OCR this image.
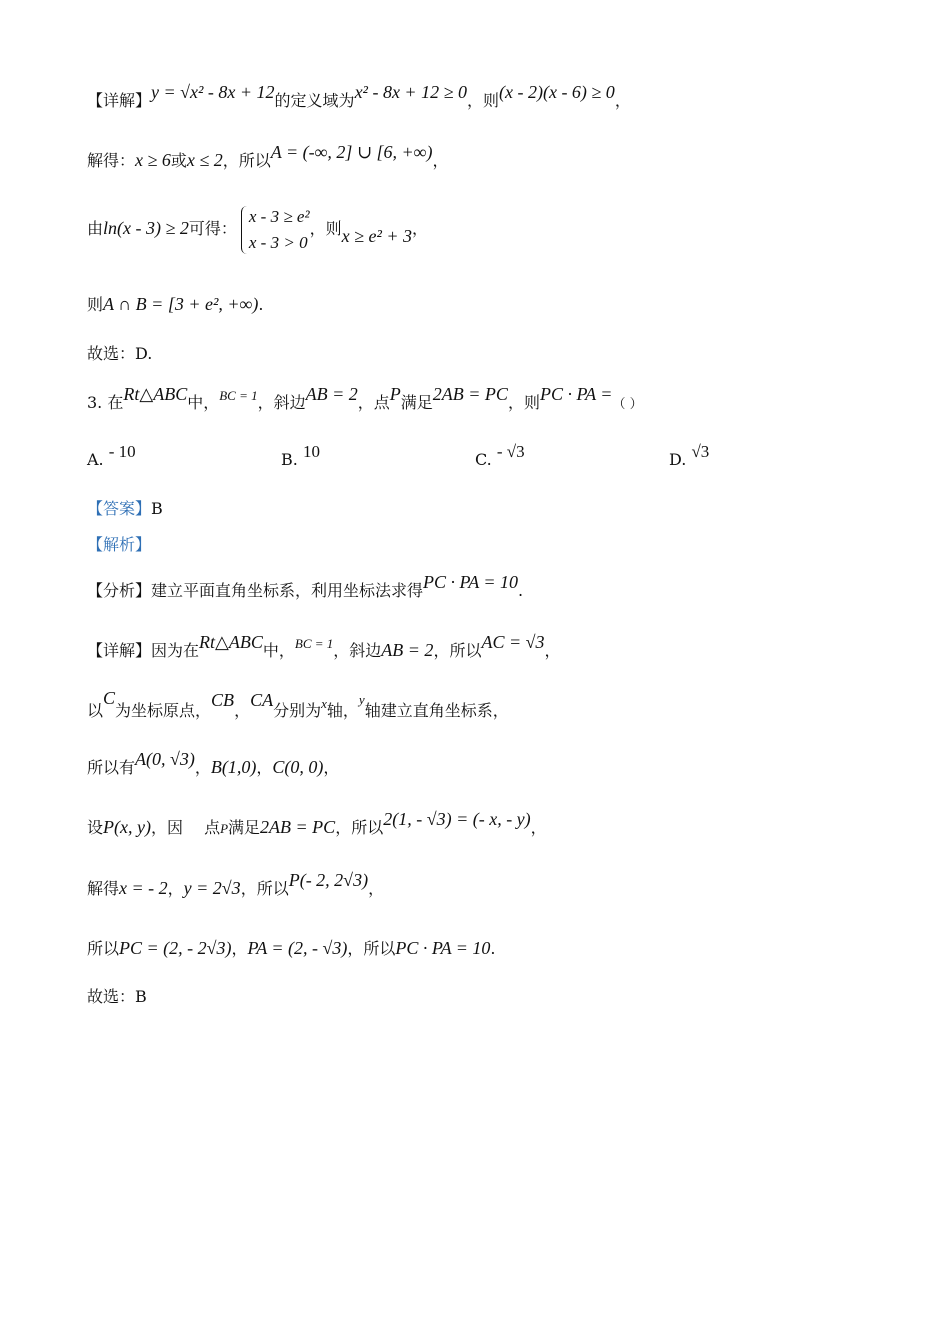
【详解】y = √x² - 8x + 12的定义域为x² - 8x + 12 ≥ 0，则(x - 2)(x - 6) ≥ 0，
解得：x ≥ 6或x ≤ 2，所以A = (-∞, 2] ∪ [6, +∞)，
由ln(x - 3) ≥ 2可得：
x - 3 ≥ e²
x - 3 > 0
，则x ≥ e² + 3，
则A ∩ B = [3 + e², +∞).
故选：D.
3. 在Rt△ABC中，$^{BC = 1}$，斜边AB = 2，点P满足2AB = PC，则PC · PA =（ ）
A. - 10	B. 10	C. - √3	D. √3
【答案】B
【解析】
【分析】建立平面直角坐标系，利用坐标法求得PC · PA = 10.
【详解】因为在Rt△ABC中，$^{BC = 1}$，斜边AB = 2，所以AC = √3，
以C为坐标原点，CB，CA分别为$^x$轴，$^y$轴建立直角坐标系，
所以有A(0, √3)，B(1,0)，C(0, 0)，
设P(x, y)，因　 点P满足2AB = PC，所以2(1, - √3) = (- x, - y)，
解得x = - 2，y = 2√3，所以P(- 2, 2√3)，
所以PC = (2, - 2√3)，PA = (2, - √3)，所以PC · PA = 10.
故选：B
